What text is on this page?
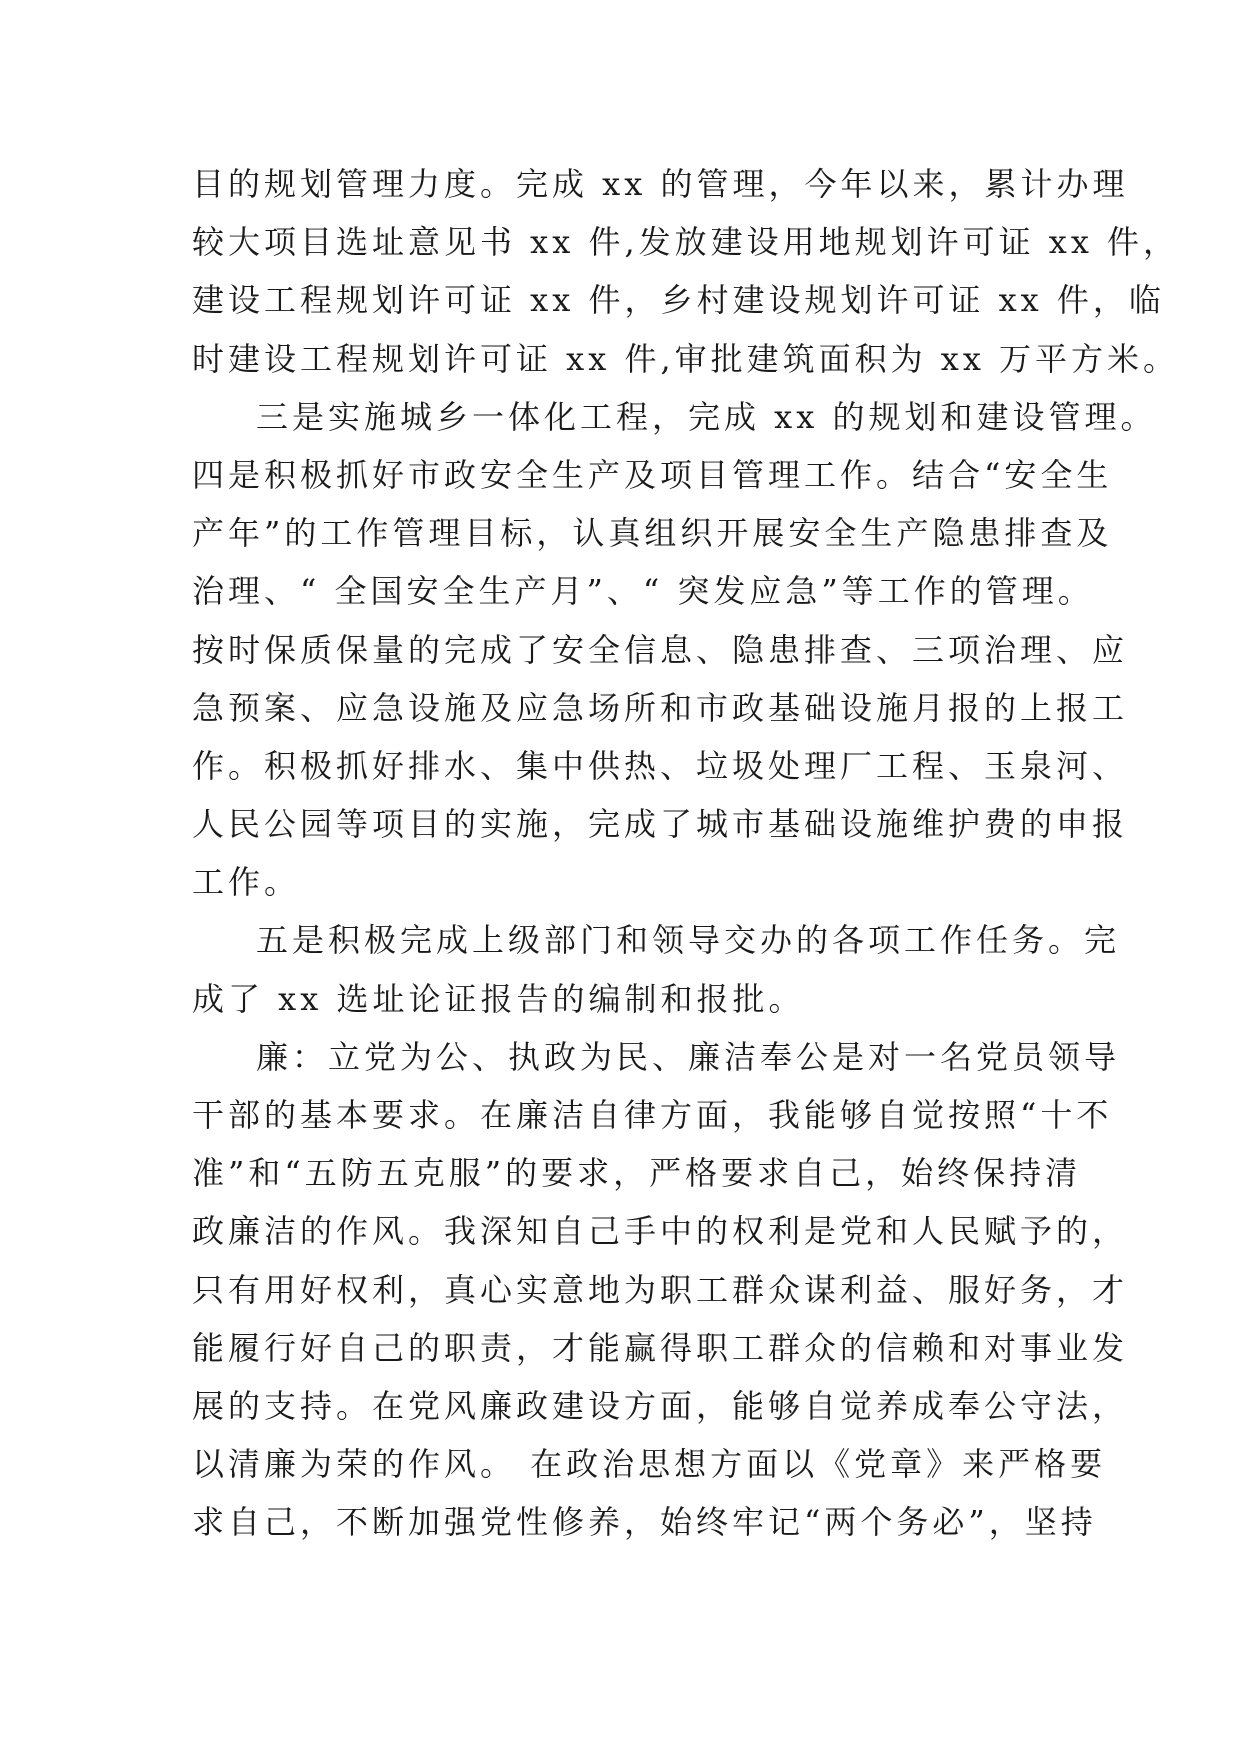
目的规划管理力度。完成 xx 的管理，今年以来，累计办理
较大项目选址意见书 xx 件,发放建设用地规划许可证 xx 件，
建设工程规划许可证 xx 件，乡村建设规划许可证 xx 件，临
时建设工程规划许可证 xx 件,审批建筑面积为 xx 万平方米。
三是实施城乡一体化工程，完成 xx 的规划和建设管理。
四是积极抓好市政安全生产及项目管理工作。结合“安全生
产年”的工作管理目标，认真组织开展安全生产隐患排查及
治理、“ 全国安全生产月”、“ 突发应急”等工作的管理。
按时保质保量的完成了安全信息、隐患排查、三项治理、应
急预案、应急设施及应急场所和市政基础设施月报的上报工
作。积极抓好排水、集中供热、垃圾处理厂工程、玉泉河、
人民公园等项目的实施，完成了城市基础设施维护费的申报
工作。
五是积极完成上级部门和领导交办的各项工作任务。完
成了 xx 选址论证报告的编制和报批。
廉：立党为公、执政为民、廉洁奉公是对一名党员领导
干部的基本要求。在廉洁自律方面，我能够自觉按照“十不
准”和“五防五克服”的要求，严格要求自己，始终保持清
政廉洁的作风。我深知自己手中的权利是党和人民赋予的，
只有用好权利，真心实意地为职工群众谋利益、服好务，才
能履行好自己的职责，才能赢得职工群众的信赖和对事业发
展的支持。在党风廉政建设方面，能够自觉养成奉公守法，
以清廉为荣的作风。 在政治思想方面以《党章》来严格要
求自己，不断加强党性修养，始终牢记“两个务必”，坚持
